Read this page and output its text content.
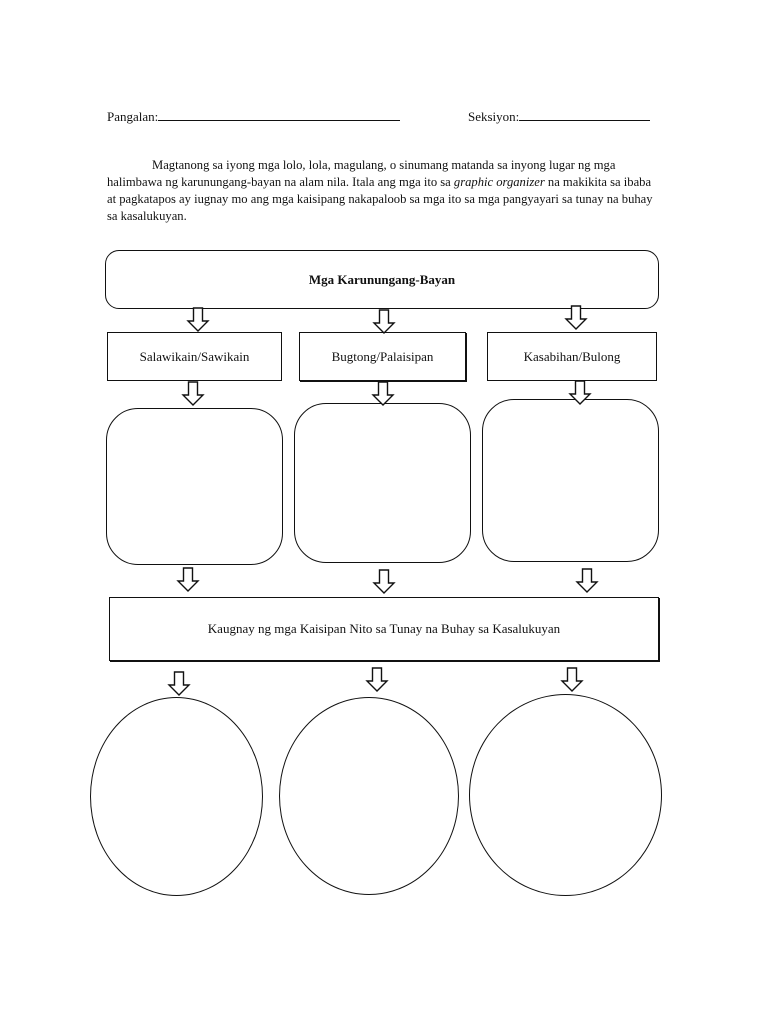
Pangalan:	Seksiyon:

Magtanong sa iyong mga lolo, lola, magulang, o sinumang matanda sa inyong lugar ng mga halimbawa ng karunungang-bayan na alam nila. Itala ang mga ito sa graphic organizer na makikita sa ibaba at pagkatapos ay iugnay mo ang mga kaisipang nakapaloob sa mga ito sa mga pangyayari sa tunay na buhay sa kasalukuyan.

Mga Karunungang-Bayan
Salawikain/Sawikain	Bugtong/Palaisipan	Kasabihan/Bulong
Kaugnay ng mga Kaisipan Nito sa Tunay na Buhay sa Kasalukuyan
